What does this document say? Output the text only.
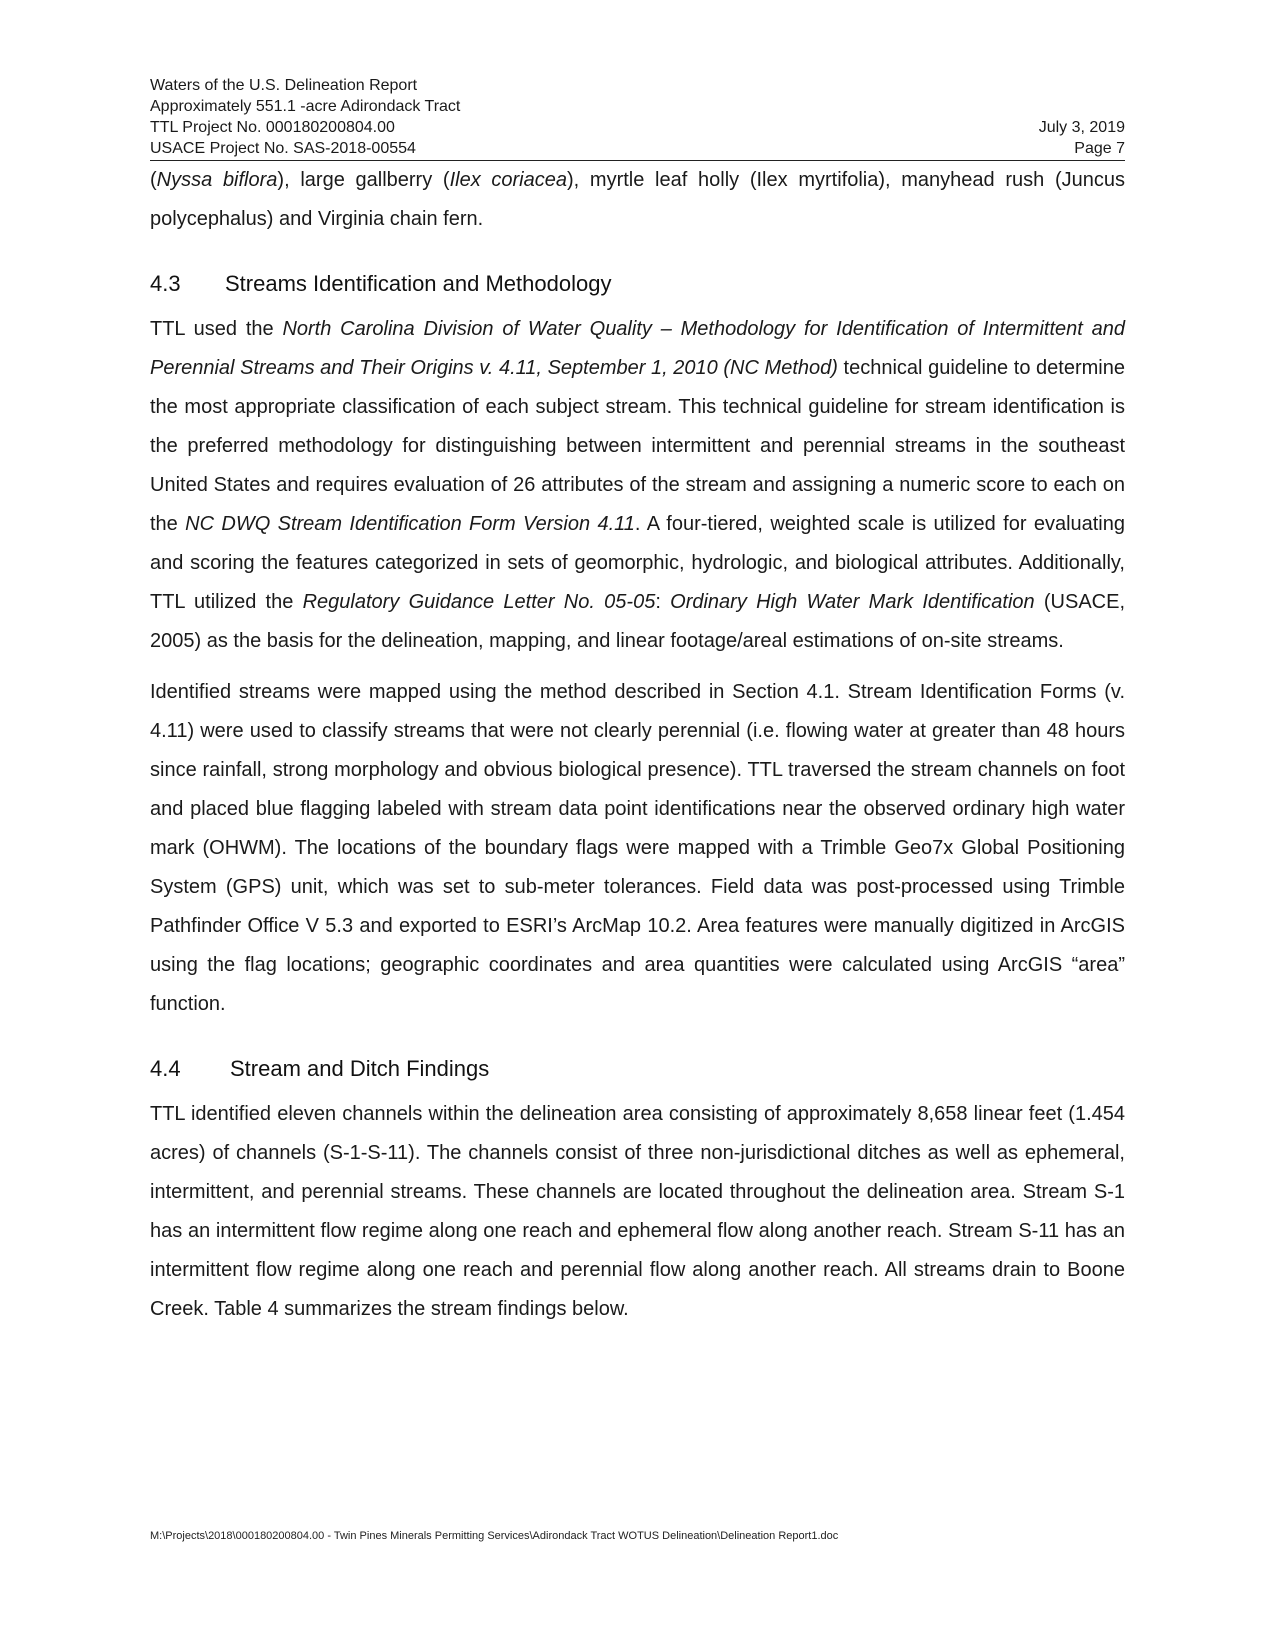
Waters of the U.S. Delineation Report
Approximately 551.1 -acre Adirondack Tract
TTL Project No. 000180200804.00	July 3, 2019
USACE Project No. SAS-2018-00554	Page 7

(Nyssa biflora), large gallberry (Ilex coriacea), myrtle leaf holly (Ilex myrtifolia), manyhead rush (Juncus polycephalus) and Virginia chain fern.

4.3	Streams Identification and Methodology

TTL used the North Carolina Division of Water Quality – Methodology for Identification of Intermittent and Perennial Streams and Their Origins v. 4.11, September 1, 2010 (NC Method) technical guideline to determine the most appropriate classification of each subject stream. This technical guideline for stream identification is the preferred methodology for distinguishing between intermittent and perennial streams in the southeast United States and requires evaluation of 26 attributes of the stream and assigning a numeric score to each on the NC DWQ Stream Identification Form Version 4.11. A four-tiered, weighted scale is utilized for evaluating and scoring the features categorized in sets of geomorphic, hydrologic, and biological attributes. Additionally, TTL utilized the Regulatory Guidance Letter No. 05-05: Ordinary High Water Mark Identification (USACE, 2005) as the basis for the delineation, mapping, and linear footage/areal estimations of on-site streams.

Identified streams were mapped using the method described in Section 4.1. Stream Identification Forms (v. 4.11) were used to classify streams that were not clearly perennial (i.e. flowing water at greater than 48 hours since rainfall, strong morphology and obvious biological presence). TTL traversed the stream channels on foot and placed blue flagging labeled with stream data point identifications near the observed ordinary high water mark (OHWM). The locations of the boundary flags were mapped with a Trimble Geo7x Global Positioning System (GPS) unit, which was set to sub-meter tolerances. Field data was post-processed using Trimble Pathfinder Office V 5.3 and exported to ESRI’s ArcMap 10.2. Area features were manually digitized in ArcGIS using the flag locations; geographic coordinates and area quantities were calculated using ArcGIS “area” function.

4.4	Stream and Ditch Findings

TTL identified eleven channels within the delineation area consisting of approximately 8,658 linear feet (1.454 acres) of channels (S-1-S-11). The channels consist of three non-jurisdictional ditches as well as ephemeral, intermittent, and perennial streams. These channels are located throughout the delineation area. Stream S-1 has an intermittent flow regime along one reach and ephemeral flow along another reach. Stream S-11 has an intermittent flow regime along one reach and perennial flow along another reach. All streams drain to Boone Creek. Table 4 summarizes the stream findings below.

M:\Projects\2018\000180200804.00 - Twin Pines Minerals Permitting Services\Adirondack Tract WOTUS Delineation\Delineation Report1.doc
